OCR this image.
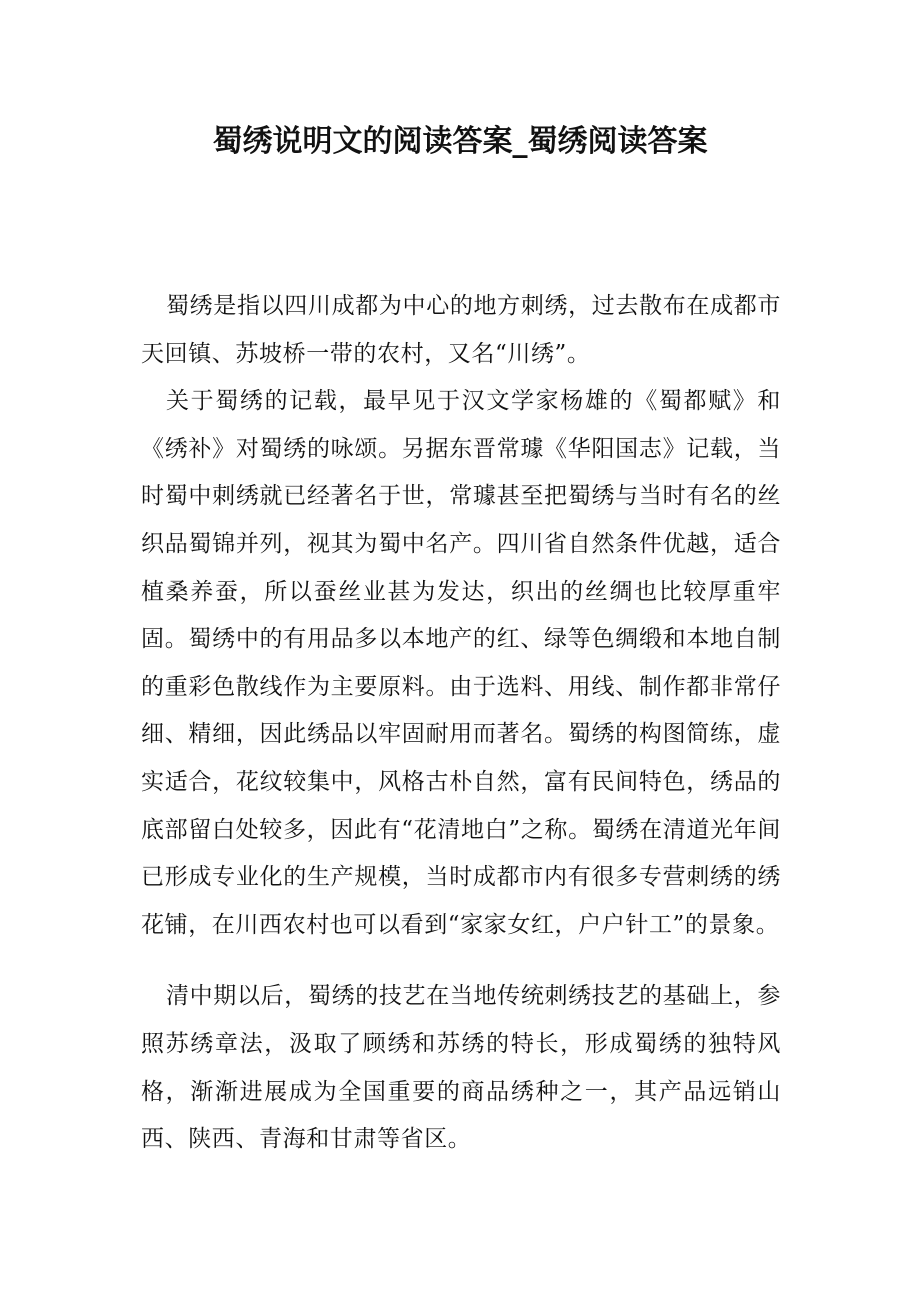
蜀绣说明文的阅读答案_蜀绣阅读答案

蜀绣是指以四川成都为中心的地方刺绣，过去散布在成都市天回镇、苏坡桥一带的农村，又名“川绣”。

关于蜀绣的记载，最早见于汉文学家杨雄的《蜀都赋》和《绣补》对蜀绣的咏颂。另据东晋常璩《华阳国志》记载，当时蜀中刺绣就已经著名于世，常璩甚至把蜀绣与当时有名的丝织品蜀锦并列，视其为蜀中名产。四川省自然条件优越，适合植桑养蚕，所以蚕丝业甚为发达，织出的丝绸也比较厚重牢固。蜀绣中的有用品多以本地产的红、绿等色绸缎和本地自制的重彩色散线作为主要原料。由于选料、用线、制作都非常仔细、精细，因此绣品以牢固耐用而著名。蜀绣的构图简练，虚实适合，花纹较集中，风格古朴自然，富有民间特色，绣品的底部留白处较多，因此有“花清地白”之称。蜀绣在清道光年间已形成专业化的生产规模，当时成都市内有很多专营刺绣的绣花铺，在川西农村也可以看到“家家女红，户户针工”的景象。

清中期以后，蜀绣的技艺在当地传统刺绣技艺的基础上，参照苏绣章法，汲取了顾绣和苏绣的特长，形成蜀绣的独特风格，渐渐进展成为全国重要的商品绣种之一，其产品远销山西、陕西、青海和甘肃等省区。
